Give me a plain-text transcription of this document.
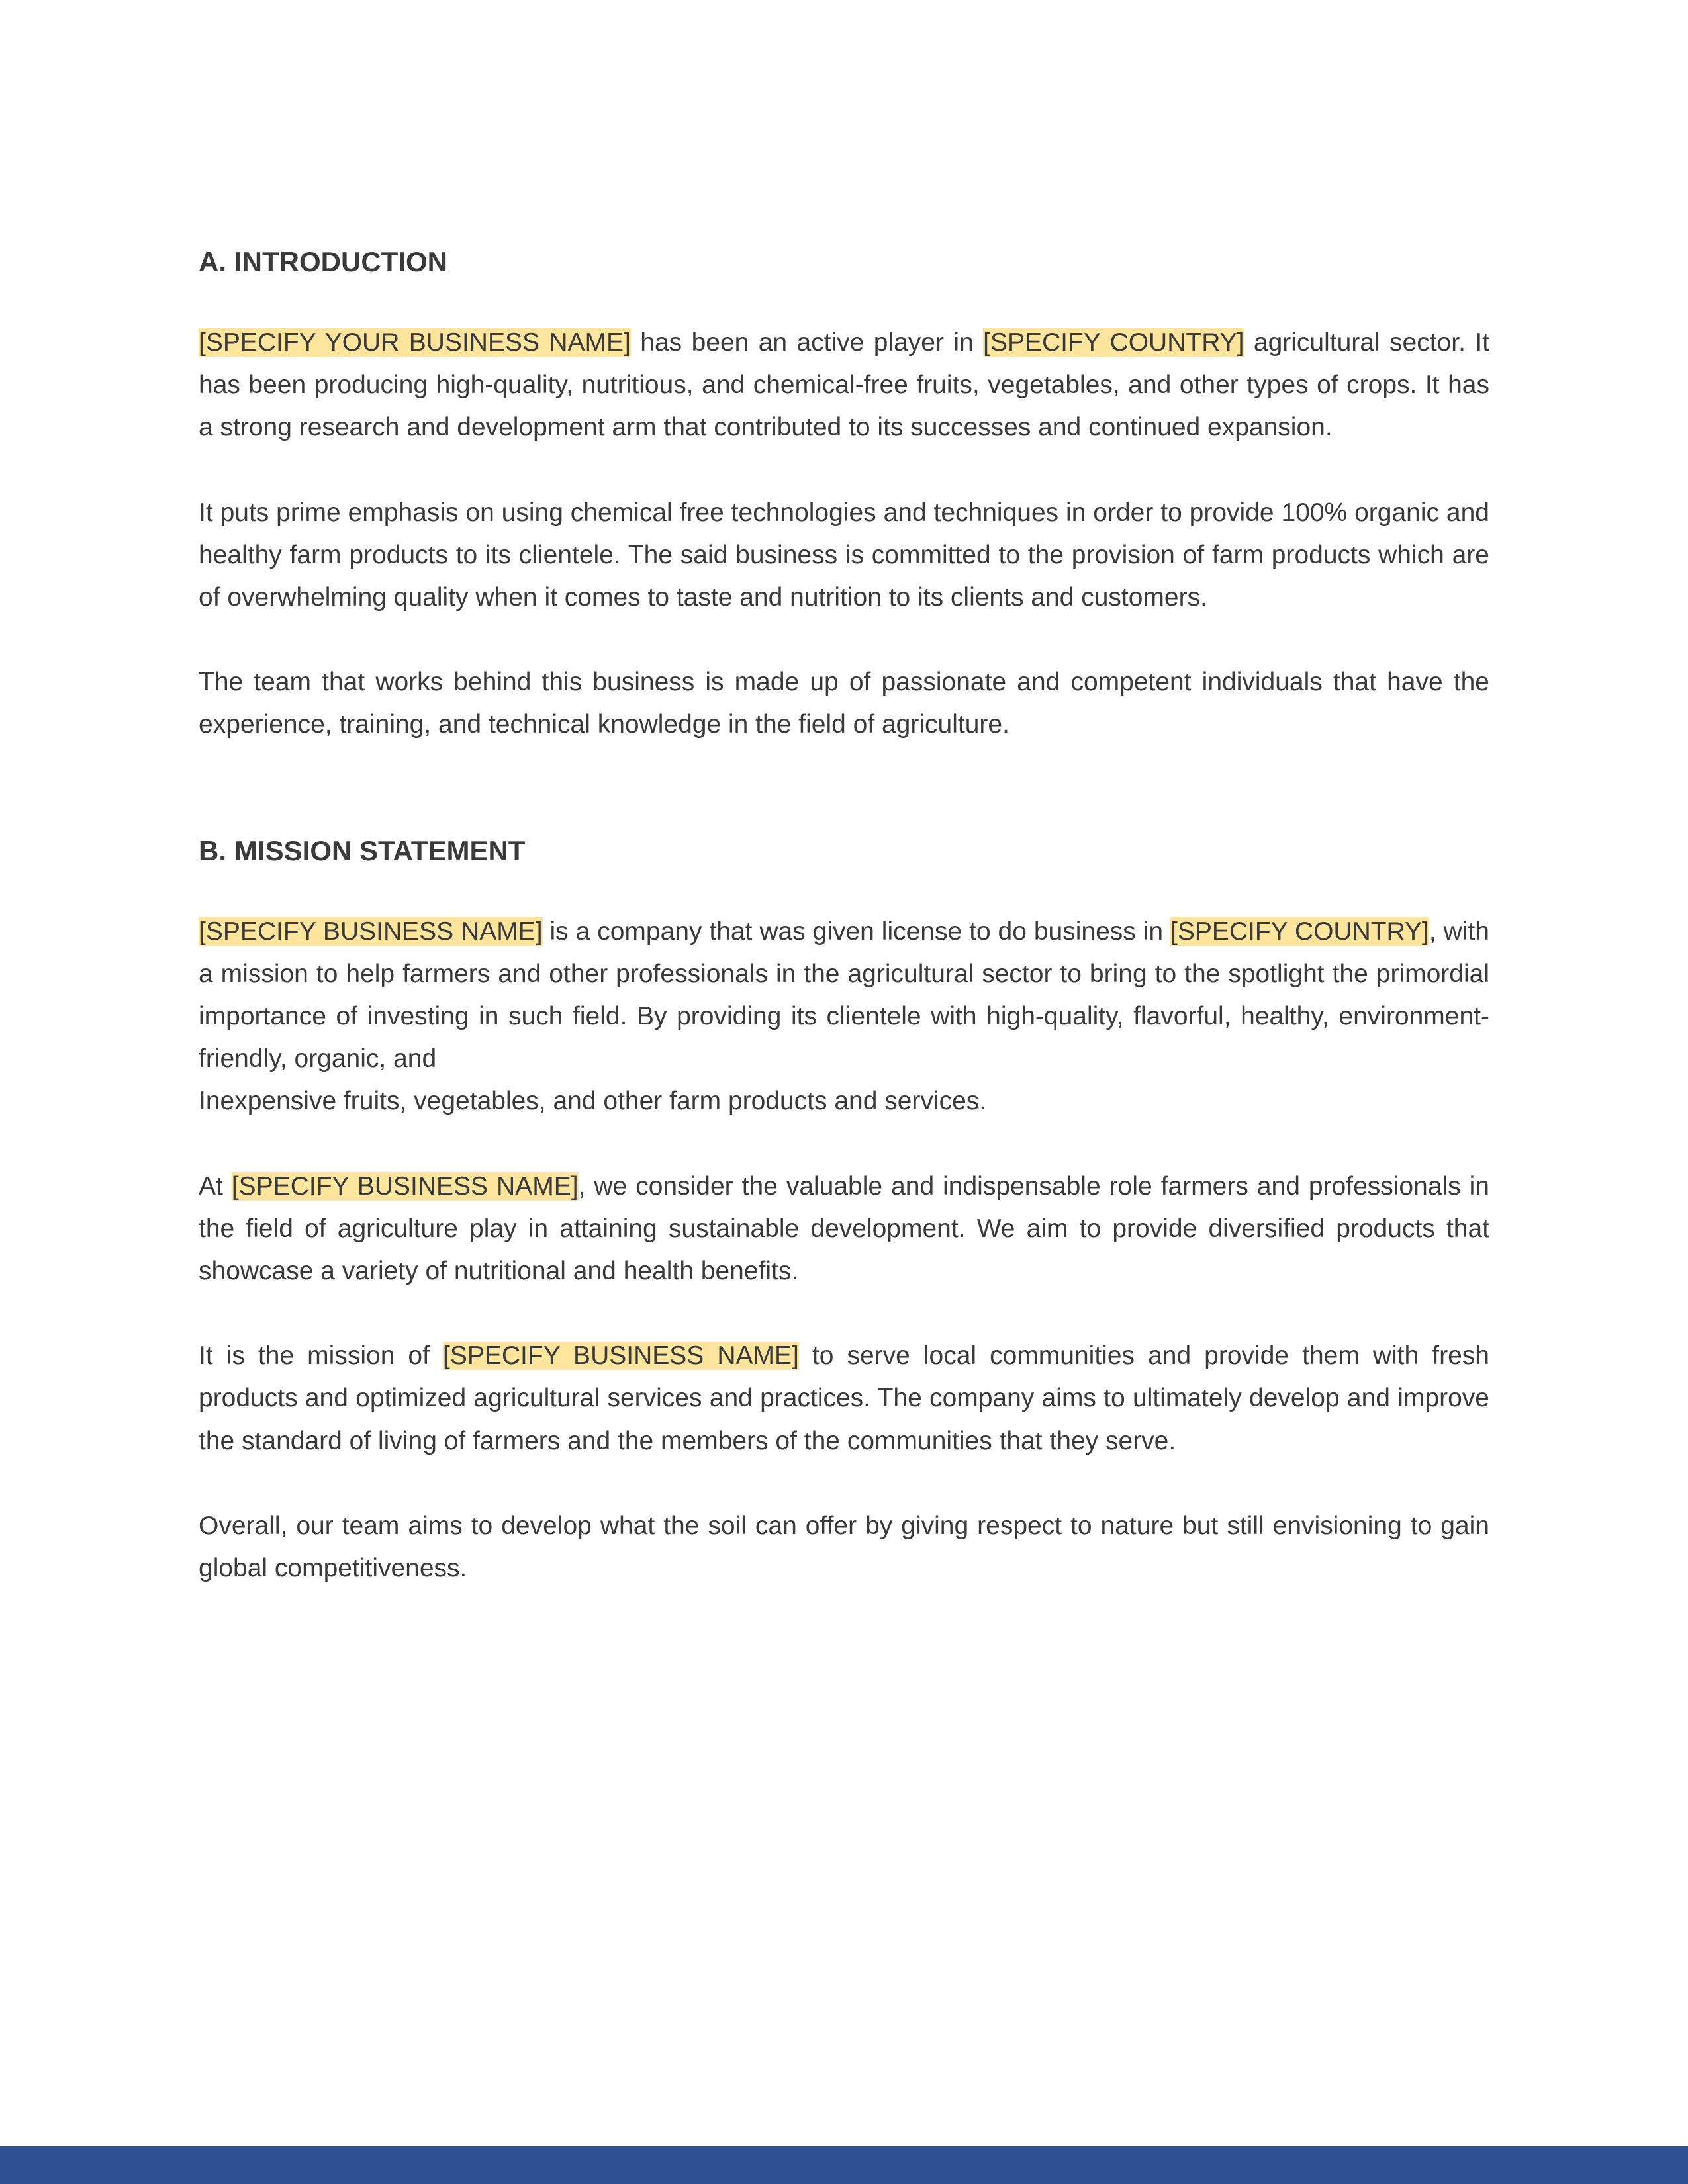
A. INTRODUCTION

[SPECIFY YOUR BUSINESS NAME] has been an active player in [SPECIFY COUNTRY] agricultural sector. It has been producing high-quality, nutritious, and chemical-free fruits, vegetables, and other types of crops. It has a strong research and development arm that contributed to its successes and continued expansion.

It puts prime emphasis on using chemical free technologies and techniques in order to provide 100% organic and healthy farm products to its clientele. The said business is committed to the provision of farm products which are of overwhelming quality when it comes to taste and nutrition to its clients and customers.

The team that works behind this business is made up of passionate and competent individuals that have the experience, training, and technical knowledge in the field of agriculture.

B. MISSION STATEMENT

[SPECIFY BUSINESS NAME] is a company that was given license to do business in [SPECIFY COUNTRY], with a mission to help farmers and other professionals in the agricultural sector to bring to the spotlight the primordial importance of investing in such field. By providing its clientele with high-quality, flavorful, healthy, environment-friendly, organic, and

Inexpensive fruits, vegetables, and other farm products and services.

At [SPECIFY BUSINESS NAME], we consider the valuable and indispensable role farmers and professionals in the field of agriculture play in attaining sustainable development. We aim to provide diversified products that showcase a variety of nutritional and health benefits.

It is the mission of [SPECIFY BUSINESS NAME] to serve local communities and provide them with fresh products and optimized agricultural services and practices. The company aims to ultimately develop and improve the standard of living of farmers and the members of the communities that they serve.

Overall, our team aims to develop what the soil can offer by giving respect to nature but still envisioning to gain global competitiveness.
